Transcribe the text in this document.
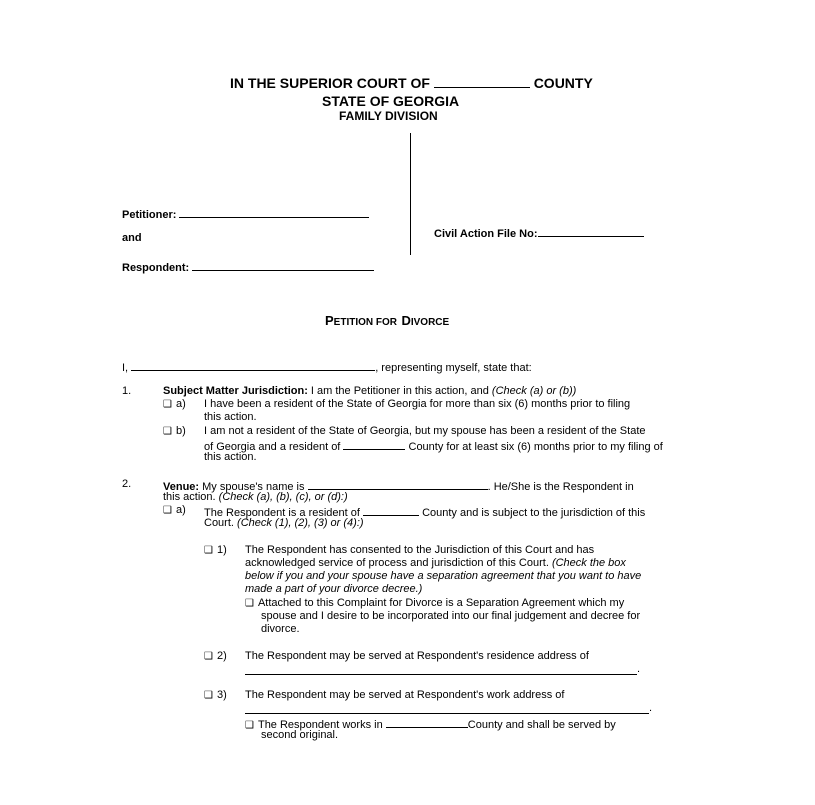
IN THE SUPERIOR COURT OF	COUNTY
STATE OF GEORGIA
FAMILY DIVISION
Petitioner:
and
Respondent:
Civil Action File No:
PETITION FOR DIVORCE
I,	, representing myself, state that:
1.	Subject Matter Jurisdiction: I am the Petitioner in this action, and (Check (a) or (b))
❑ a) I have been a resident of the State of Georgia for more than six (6) months prior to filing
this action.
❑ b) I am not a resident of the State of Georgia, but my spouse has been a resident of the State
of Georgia and a resident of	County for at least six (6) months prior to my filing of
this action.
2.	Venue: My spouse's name is	. He/She is the Respondent in
this action. (Check (a), (b), (c), or (d):)
❑ a) The Respondent is a resident of	County and is subject to the jurisdiction of this
Court. (Check (1), (2), (3) or (4):)
❑ 1) The Respondent has consented to the Jurisdiction of this Court and has
acknowledged service of process and jurisdiction of this Court. (Check the box
below if you and your spouse have a separation agreement that you want to have
made a part of your divorce decree.)
❑ Attached to this Complaint for Divorce is a Separation Agreement which my
spouse and I desire to be incorporated into our final judgement and decree for
divorce.
❑ 2) The Respondent may be served at Respondent's residence address of
.
❑ 3) The Respondent may be served at Respondent's work address of
.
❑ The Respondent works in	County and shall be served by
second original.
